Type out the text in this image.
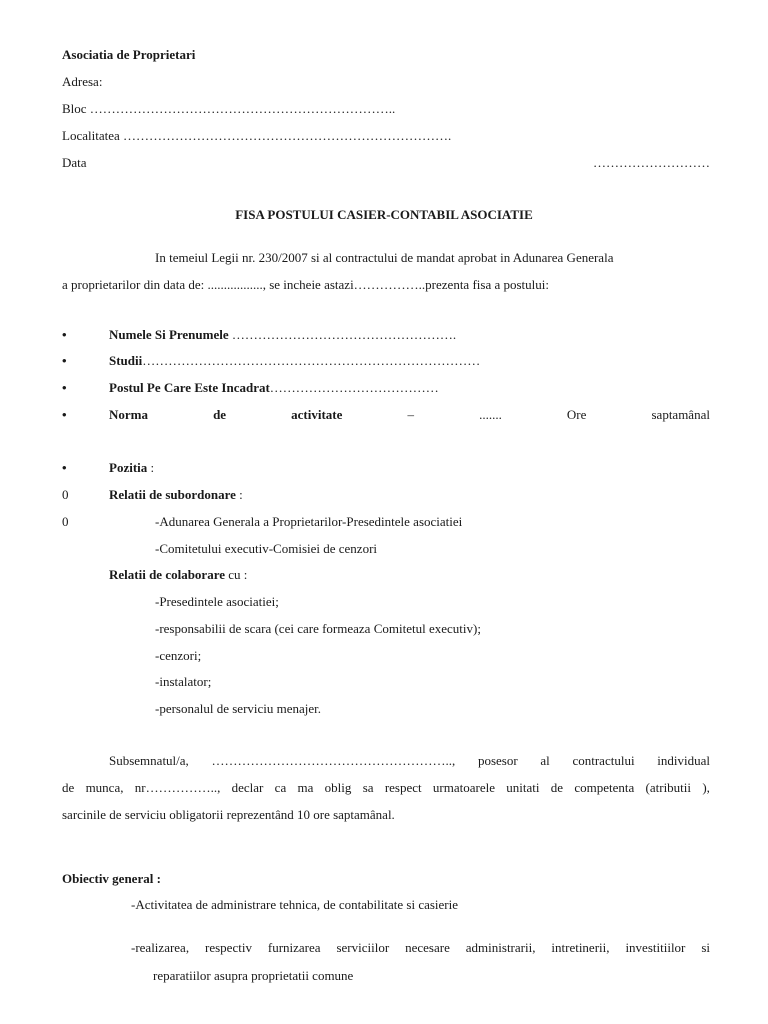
Asociatia de Proprietari
Adresa:
Bloc ……………………………………………………………..
Localitatea ………………………………………………………………….
Data	………………………
FISA POSTULUI CASIER-CONTABIL ASOCIATIE
In temeiul Legii nr. 230/2007 si al contractului de mandat aprobat in Adunarea Generala
a proprietarilor din data de: ................., se incheie astazi……………..prezenta fisa a postului:
•	Numele Si Prenumele …………………………………………….
•	Studii……………………………………………………………………
•	Postul Pe Care Este Incadrat…………………………………
•	Norma	de	activitate	–	.......	Ore	saptamânal
•	Pozitia :
0	Relatii de subordonare :
0	-Adunarea Generala a Proprietarilor-Presedintele asociatiei
-Comitetului executiv-Comisiei de cenzori
Relatii de colaborare cu :
-Presedintele asociatiei;
-responsabilii de scara (cei care formeaza Comitetul executiv);
-cenzori;
-instalator;
-personalul de serviciu menajer.
Subsemnatul/a, ……………………………………………….., posesor al contractului individual
de munca, nr…………….., declar ca ma oblig sa respect urmatoarele unitati de competenta (atributii ),
sarcinile de serviciu obligatorii reprezentând 10 ore saptamânal.
Obiectiv general :
-Activitatea de administrare tehnica, de contabilitate si casierie
-realizarea, respectiv furnizarea serviciilor necesare administrarii, intretinerii, investitiilor si
reparatiilor asupra proprietatii comune
